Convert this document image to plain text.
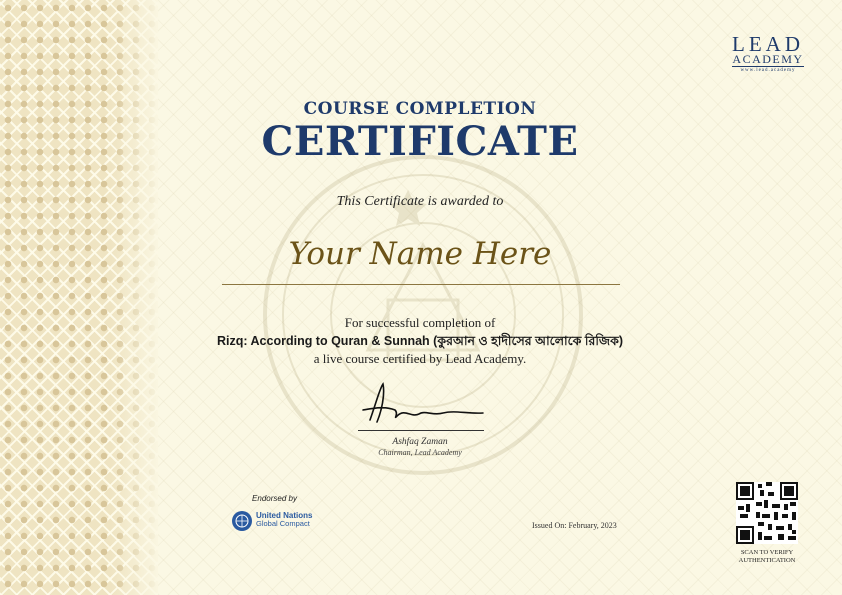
LEAD
ACADEMY
www.lead.academy
COURSE COMPLETION
CERTIFICATE
This Certificate is awarded to
Your Name Here
For successful completion of
Rizq: According to Quran & Sunnah (কুরআন ও হাদীসের আলোকে রিজিক)
a live course certified by Lead Academy.
Ashfaq Zaman
Chairman, Lead Academy
Endorsed by
United Nations
Global Compact	Issued On: February, 2023
SCAN TO VERIFY
AUTHENTICATION
